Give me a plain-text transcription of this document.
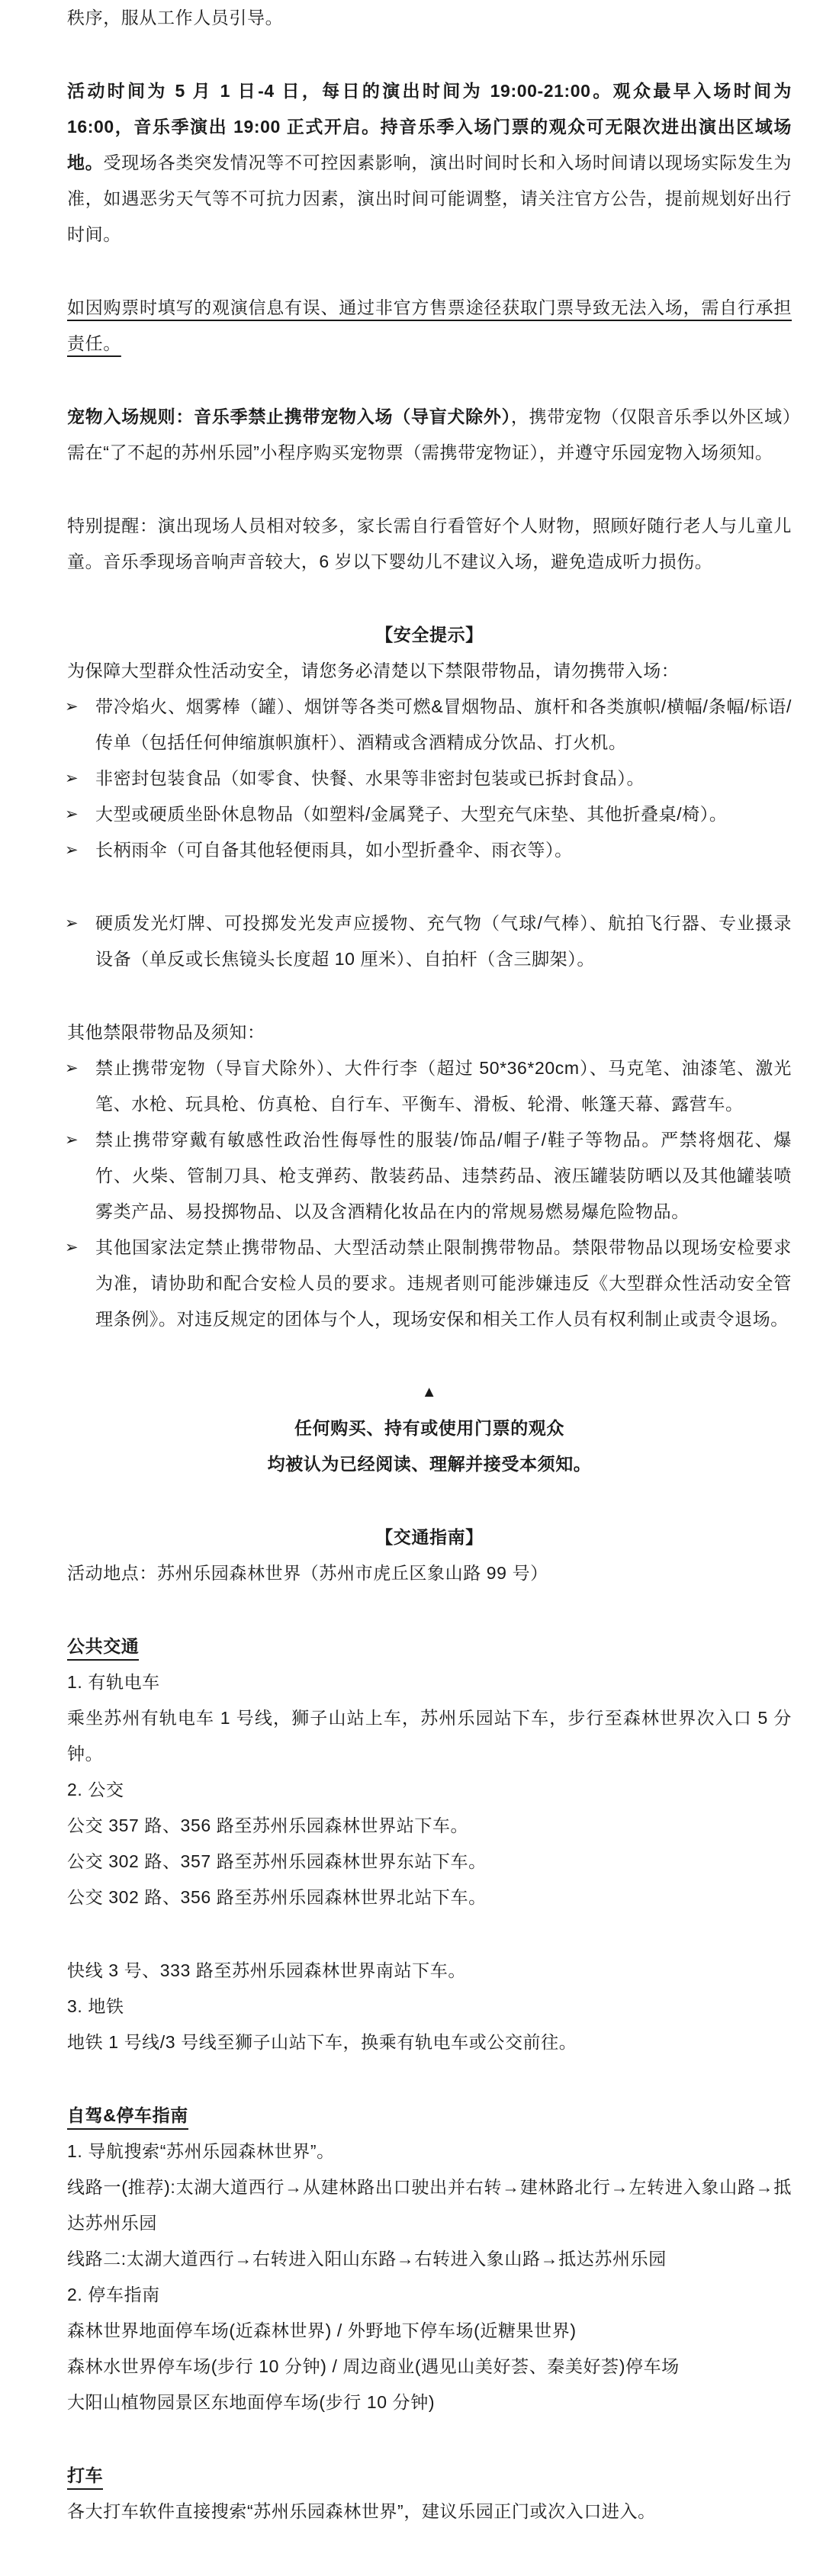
秩序，服从工作人员引导。

活动时间为 5 月 1 日-4 日，每日的演出时间为 19:00-21:00。观众最早入场时间为 16:00，音乐季演出 19:00 正式开启。持音乐季入场门票的观众可无限次进出演出区域场地。受现场各类突发情况等不可控因素影响，演出时间时长和入场时间请以现场实际发生为准，如遇恶劣天气等不可抗力因素，演出时间可能调整，请关注官方公告，提前规划好出行时间。

如因购票时填写的观演信息有误、通过非官方售票途径获取门票导致无法入场，需自行承担责任。

宠物入场规则：音乐季禁止携带宠物入场（导盲犬除外），携带宠物（仅限音乐季以外区域）需在“了不起的苏州乐园”小程序购买宠物票（需携带宠物证），并遵守乐园宠物入场须知。

特别提醒：演出现场人员相对较多，家长需自行看管好个人财物，照顾好随行老人与儿童儿童。音乐季现场音响声音较大，6 岁以下婴幼儿不建议入场，避免造成听力损伤。

【安全提示】

为保障大型群众性活动安全，请您务必清楚以下禁限带物品，请勿携带入场：

➢ 带冷焰火、烟雾棒（罐）、烟饼等各类可燃&冒烟物品、旗杆和各类旗帜/横幅/条幅/标语/传单（包括任何伸缩旗帜旗杆）、酒精或含酒精成分饮品、打火机。
➢ 非密封包装食品（如零食、快餐、水果等非密封包装或已拆封食品）。
➢ 大型或硬质坐卧休息物品（如塑料/金属凳子、大型充气床垫、其他折叠桌/椅）。
➢ 长柄雨伞（可自备其他轻便雨具，如小型折叠伞、雨衣等）。
➢ 硬质发光灯牌、可投掷发光发声应援物、充气物（气球/气棒）、航拍飞行器、专业摄录设备（单反或长焦镜头长度超 10 厘米）、自拍杆（含三脚架）。

其他禁限带物品及须知：

➢ 禁止携带宠物（导盲犬除外）、大件行李（超过 50*36*20cm）、马克笔、油漆笔、激光笔、水枪、玩具枪、仿真枪、自行车、平衡车、滑板、轮滑、帐篷天幕、露营车。
➢ 禁止携带穿戴有敏感性政治性侮辱性的服装/饰品/帽子/鞋子等物品。严禁将烟花、爆竹、火柴、管制刀具、枪支弹药、散装药品、违禁药品、液压罐装防晒以及其他罐装喷雾类产品、易投掷物品、以及含酒精化妆品在内的常规易燃易爆危险物品。
➢ 其他国家法定禁止携带物品、大型活动禁止限制携带物品。禁限带物品以现场安检要求为准，请协助和配合安检人员的要求。违规者则可能涉嫌违反《大型群众性活动安全管理条例》。对违反规定的团体与个人，现场安保和相关工作人员有权利制止或责令退场。

▲

任何购买、持有或使用门票的观众

均被认为已经阅读、理解并接受本须知。

【交通指南】

活动地点：苏州乐园森林世界（苏州市虎丘区象山路 99 号）

公共交通

1. 有轨电车

乘坐苏州有轨电车 1 号线，狮子山站上车，苏州乐园站下车，步行至森林世界次入口 5 分钟。

2. 公交

公交 357 路、356 路至苏州乐园森林世界站下车。

公交 302 路、357 路至苏州乐园森林世界东站下车。

公交 302 路、356 路至苏州乐园森林世界北站下车。

快线 3 号、333 路至苏州乐园森林世界南站下车。

3. 地铁

地铁 1 号线/3 号线至狮子山站下车，换乘有轨电车或公交前往。

自驾&停车指南

1. 导航搜索“苏州乐园森林世界”。

线路一(推荐):太湖大道西行→从建林路出口驶出并右转→建林路北行→左转进入象山路→抵达苏州乐园

线路二:太湖大道西行→右转进入阳山东路→右转进入象山路→抵达苏州乐园

2. 停车指南

森林世界地面停车场(近森林世界) / 外野地下停车场(近糖果世界)

森林水世界停车场(步行 10 分钟) / 周边商业(遇见山美好荟、秦美好荟)停车场

大阳山植物园景区东地面停车场(步行 10 分钟)

打车

各大打车软件直接搜索“苏州乐园森林世界”，建议乐园正门或次入口进入。
